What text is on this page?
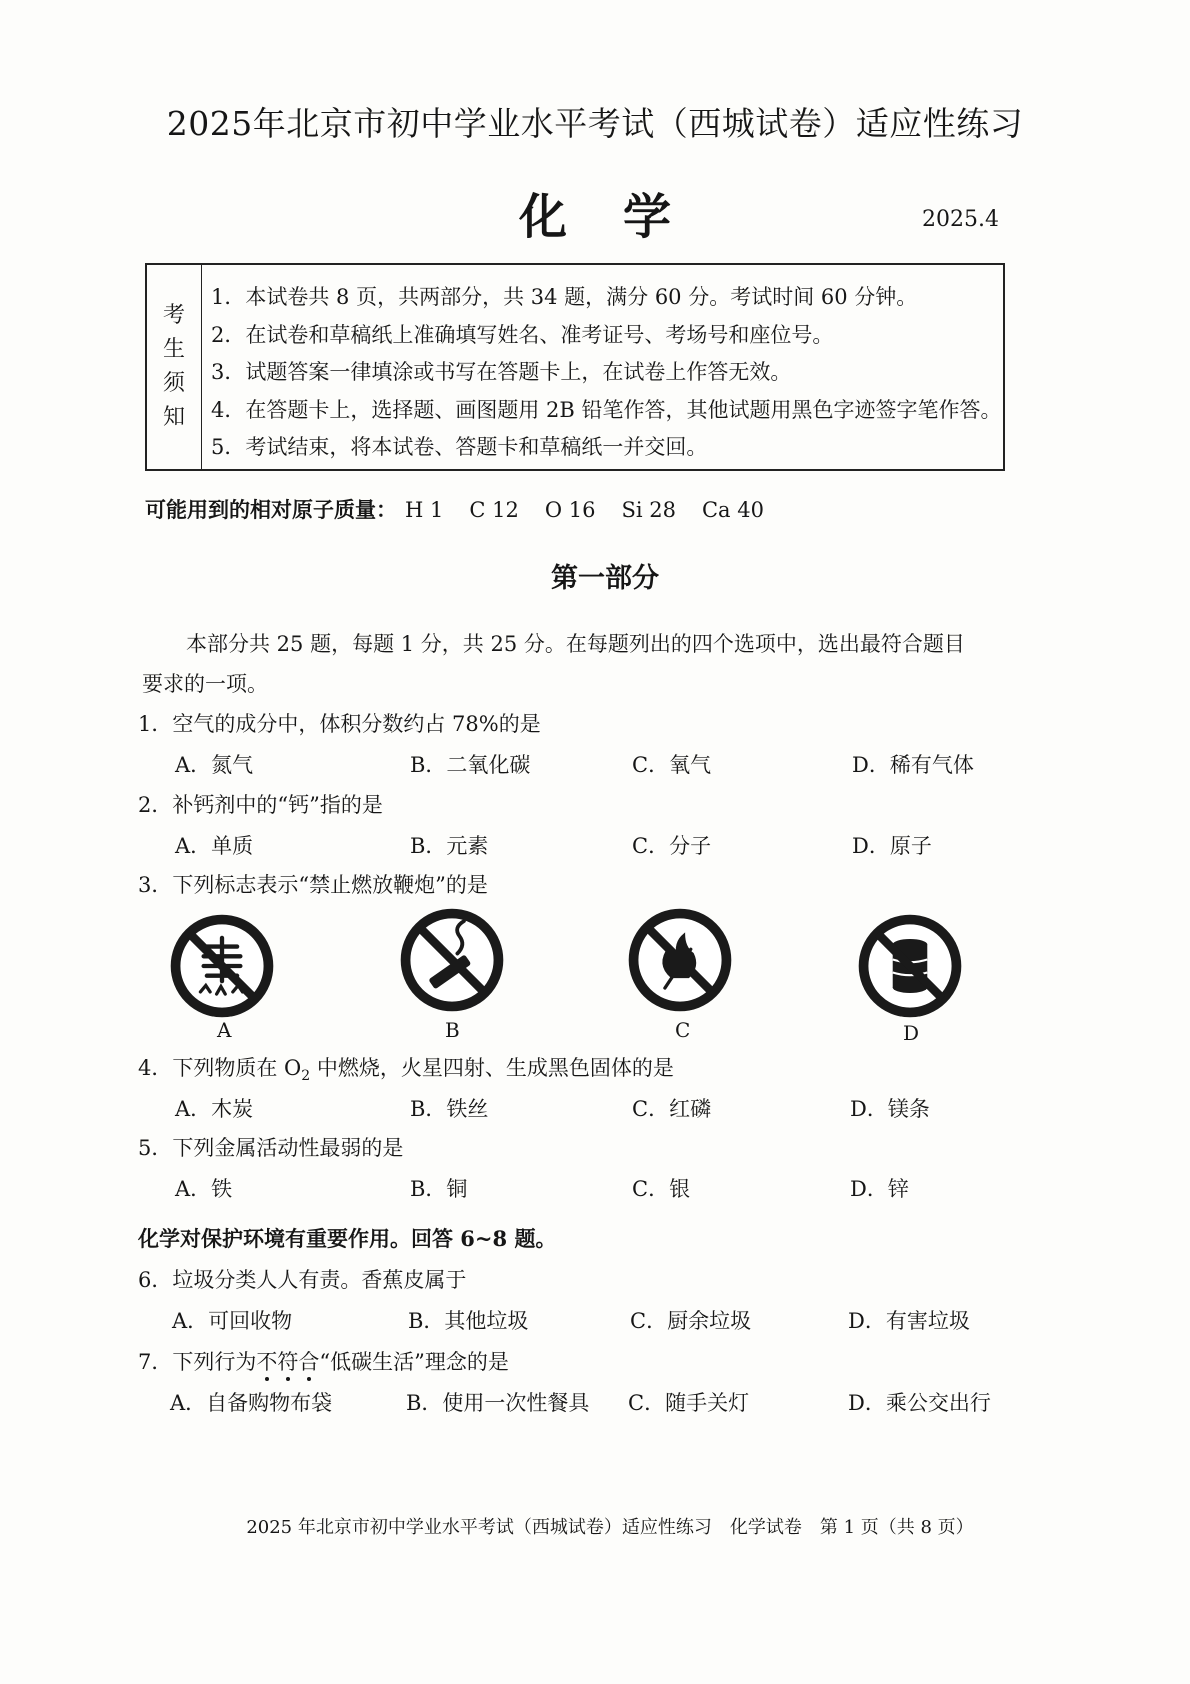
2025年北京市初中学业水平考试（西城试卷）适应性练习
化学	2025.4
考
生
须
知
1．本试卷共 8 页，共两部分，共 34 题，满分 60 分。考试时间 60 分钟。
2．在试卷和草稿纸上准确填写姓名、准考证号、考场号和座位号。
3．试题答案一律填涂或书写在答题卡上，在试卷上作答无效。
4．在答题卡上，选择题、画图题用 2B 铅笔作答，其他试题用黑色字迹签字笔作答。
5．考试结束，将本试卷、答题卡和草稿纸一并交回。
可能用到的相对原子质量： H 1 C 12 O 16 Si 28 Ca 40
第一部分
本部分共 25 题，每题 1 分，共 25 分。在每题列出的四个选项中，选出最符合题目
要求的一项。
1．空气的成分中，体积分数约占 78%的是
A．氮气	B．二氧化碳	C．氧气	D．稀有气体
2．补钙剂中的“钙”指的是
A．单质	B．元素	C．分子	D．原子
3．下列标志表示“禁止燃放鞭炮”的是
A	B	C	D
4．下列物质在 $O_2$ 中燃烧，火星四射、生成黑色固体的是
A．木炭	B．铁丝	C．红磷	D．镁条
5．下列金属活动性最弱的是
A．铁	B．铜	C．银	D．锌
化学对保护环境有重要作用。回答 6~8 题。
6．垃圾分类人人有责。香蕉皮属于
A．可回收物	B．其他垃圾	C．厨余垃圾	D．有害垃圾
7．下列行为不符合“低碳生活”理念的是
A．自备购物布袋	B．使用一次性餐具 C．随手关灯	D．乘公交出行
2025 年北京市初中学业水平考试（西城试卷）适应性练习　化学试卷　第 1 页（共 8 页）
